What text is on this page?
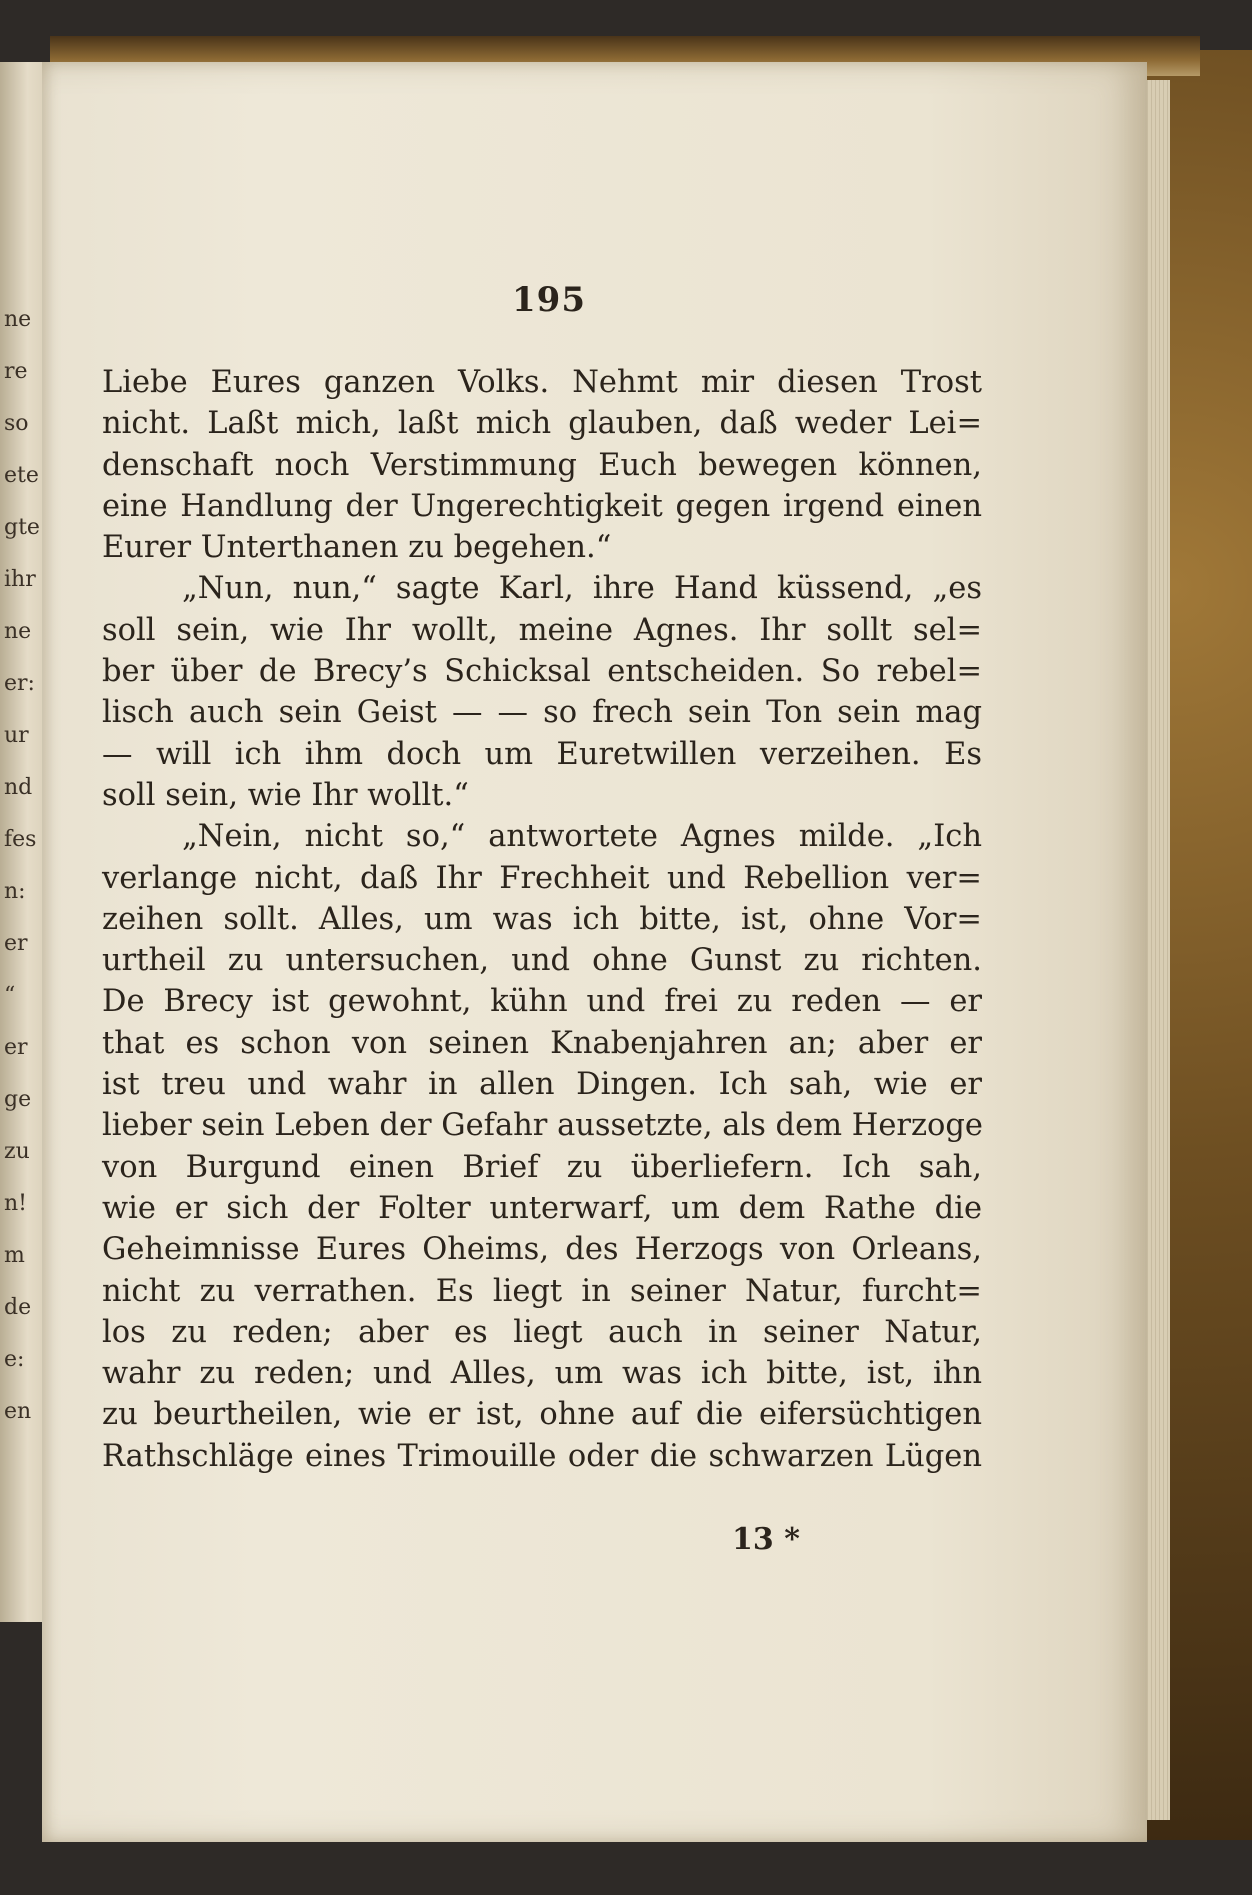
ne
re
so
ete
gte
ihr
ne
er:
ur
nd
fes
n:
er
“
er
ge
zu
n!
m
de
e:
en
195
Liebe Eures ganzen Volks. Nehmt mir diesen Trost
nicht. Laßt mich, laßt mich glauben, daß weder Lei=
denschaft noch Verstimmung Euch bewegen können,
eine Handlung der Ungerechtigkeit gegen irgend einen
Eurer Unterthanen zu begehen.“
„Nun, nun,“ sagte Karl, ihre Hand küssend, „es
soll sein, wie Ihr wollt, meine Agnes. Ihr sollt sel=
ber über de Brecy’s Schicksal entscheiden. So rebel=
lisch auch sein Geist — — so frech sein Ton sein mag
— will ich ihm doch um Euretwillen verzeihen. Es
soll sein, wie Ihr wollt.“
„Nein, nicht so,“ antwortete Agnes milde. „Ich
verlange nicht, daß Ihr Frechheit und Rebellion ver=
zeihen sollt. Alles, um was ich bitte, ist, ohne Vor=
urtheil zu untersuchen, und ohne Gunst zu richten.
De Brecy ist gewohnt, kühn und frei zu reden — er
that es schon von seinen Knabenjahren an; aber er
ist treu und wahr in allen Dingen. Ich sah, wie er
lieber sein Leben der Gefahr aussetzte, als dem Herzoge
von Burgund einen Brief zu überliefern. Ich sah,
wie er sich der Folter unterwarf, um dem Rathe die
Geheimnisse Eures Oheims, des Herzogs von Orleans,
nicht zu verrathen. Es liegt in seiner Natur, furcht=
los zu reden; aber es liegt auch in seiner Natur,
wahr zu reden; und Alles, um was ich bitte, ist, ihn
zu beurtheilen, wie er ist, ohne auf die eifersüchtigen
Rathschläge eines Trimouille oder die schwarzen Lügen
13 *
